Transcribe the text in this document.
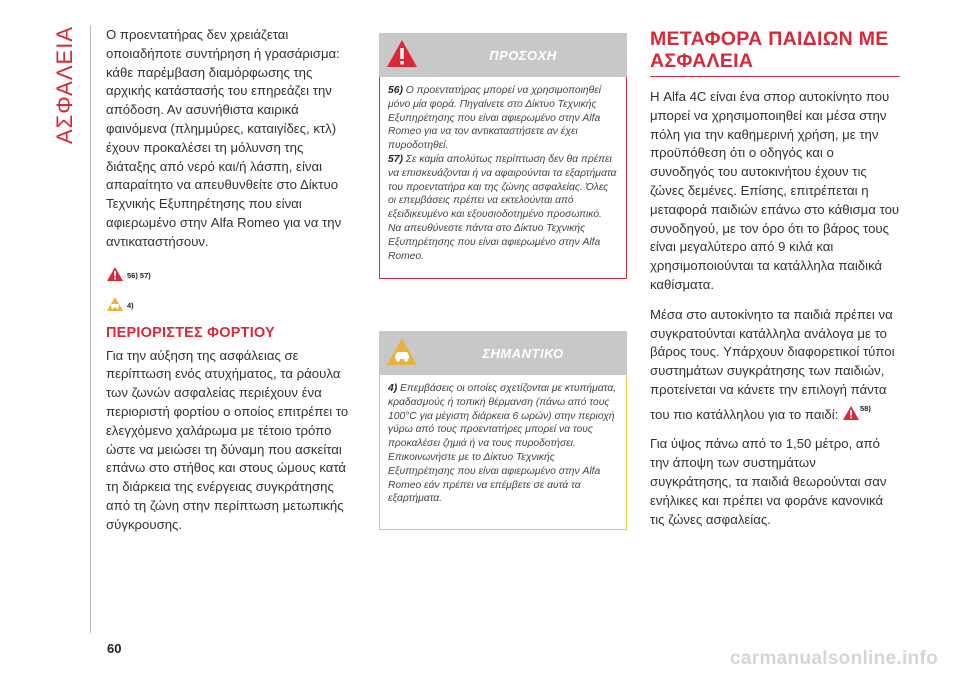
ΑΣΦΑΛΕΙΑ Ο προεντατήρας δεν χρειάζεται οποιαδήποτε συντήρηση ή γρασάρισμα: κάθε παρέμβαση διαμόρφωσης της αρχικής κατάστασής του επηρεάζει την απόδοση. Αν ασυνήθιστα καιρικά φαινόμενα (πλημμύρες, καταιγίδες, κτλ) έχουν προκαλέσει τη μόλυνση της διάταξης από νερό και/ή λάσπη, είναι απαραίτητο να απευθυνθείτε στο Δίκτυο Τεχνικής Εξυπηρέτησης που είναι αφιερωμένο στην Alfa Romeo για να την αντικαταστήσουν.

56) 57)
4)
ΠΕΡΙΟΡΙΣΤΕΣ ΦΟΡΤΙΟΥ

Για την αύξηση της ασφάλειας σε περίπτωση ενός ατυχήματος, τα ράουλα των ζωνών ασφαλείας περιέχουν ένα περιοριστή φορτίου ο οποίος επιτρέπει το ελεγχόμενο χαλάρωμα με τέτοιο τρόπο ώστε να μειώσει τη δύναμη που ασκείται επάνω στο στήθος και στους ώμους κατά τη διάρκεια της ενέργειας συγκράτησης από τη ζώνη στην περίπτωση μετωπικής σύγκρουσης.

ΠΡΟΣΟΧΗ

56) Ο προεντατήρας μπορεί να χρησιμοποιηθεί μόνο μία φορά. Πηγαίνετε στο Δίκτυο Τεχνικής Εξυπηρέτησης που είναι αφιερωμένο στην Alfa Romeo για να τον αντικαταστήσετε αν έχει πυροδοτηθεί.

57) Σε καμία απολύτως περίπτωση δεν θα πρέπει να επισκευάζονται ή να αφαιρούνται τα εξαρτήματα του προεντατήρα και της ζώνης ασφαλείας. Όλες οι επεμβάσεις πρέπει να εκτελούνται από εξειδικευμένο και εξουσιοδοτημένο προσωπικό. Να απευθύνεστε πάντα στο Δίκτυο Τεχνικής Εξυπηρέτησης που είναι αφιερωμένο στην Alfa Romeo.

ΣΗΜΑΝΤΙΚΟ

4) Επεμβάσεις οι οποίες σχετίζονται με κτυπήματα, κραδασμούς ή τοπική θέρμανση (πάνω από τους 100°C για μέγιστη διάρκεια 6 ωρών) στην περιοχή γύρω από τους προεντατήρες μπορεί να τους προκαλέσει ζημιά ή να τους πυροδοτήσει. Επικοινωνήστε με το Δίκτυο Τεχνικής Εξυπηρέτησης που είναι αφιερωμένο στην Alfa Romeo εάν πρέπει να επέμβετε σε αυτά τα εξαρτήματα.

ΜΕΤΑΦΟΡΑ ΠΑΙΔΙΩΝ ΜΕ ΑΣΦΑΛΕΙΑ

Η Alfa 4C είναι ένα σπορ αυτοκίνητο που μπορεί να χρησιμοποιηθεί και μέσα στην πόλη για την καθημερινή χρήση, με την προϋπόθεση ότι ο οδηγός και ο συνοδηγός του αυτοκινήτου έχουν τις ζώνες δεμένες. Επίσης, επιτρέπεται η μεταφορά παιδιών επάνω στο κάθισμα του συνοδηγού, με τον όρο ότι το βάρος τους είναι μεγαλύτερο από 9 κιλά και χρησιμοποιούνται τα κατάλληλα παιδικά καθίσματα.

Μέσα στο αυτοκίνητο τα παιδιά πρέπει να συγκρατούνται κατάλληλα ανάλογα με το βάρος τους. Υπάρχουν διαφορετικοί τύποι συστημάτων συγκράτησης των παιδιών, προτείνεται να κάνετε την επιλογή πάντα του πιο κατάλληλου για το παιδί:	58)

Για ύψος πάνω από το 1,50 μέτρο, από την άποψη των συστημάτων συγκράτησης, τα παιδιά θεωρούνται σαν ενήλικες και πρέπει να φοράνε κανονικά τις ζώνες ασφαλείας.

60	carmanualsonline.info
